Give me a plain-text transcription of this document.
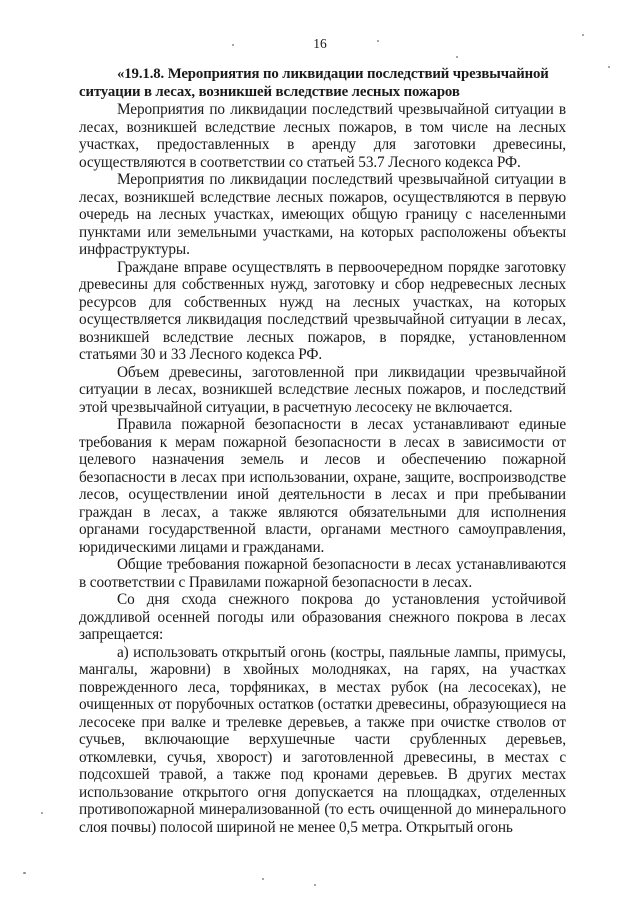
16

«19.1.8. Мероприятия по ликвидации последствий чрезвычайной ситуации в лесах, возникшей вследствие лесных пожаров

Мероприятия по ликвидации последствий чрезвычайной ситуации в лесах, возникшей вследствие лесных пожаров, в том числе на лесных участках, предоставленных в аренду для заготовки древесины, осуществляются в соответствии со статьей 53.7 Лесного кодекса РФ.

Мероприятия по ликвидации последствий чрезвычайной ситуации в лесах, возникшей вследствие лесных пожаров, осуществляются в первую очередь на лесных участках, имеющих общую границу с населенными пунктами или земельными участками, на которых расположены объекты инфраструктуры.

Граждане вправе осуществлять в первоочередном порядке заготовку древесины для собственных нужд, заготовку и сбор недревесных лесных ресурсов для собственных нужд на лесных участках, на которых осуществляется ликвидация последствий чрезвычайной ситуации в лесах, возникшей вследствие лесных пожаров, в порядке, установленном статьями 30 и 33 Лесного кодекса РФ.

Объем древесины, заготовленной при ликвидации чрезвычайной ситуации в лесах, возникшей вследствие лесных пожаров, и последствий этой чрезвычайной ситуации, в расчетную лесосеку не включается.

Правила пожарной безопасности в лесах устанавливают единые требования к мерам пожарной безопасности в лесах в зависимости от целевого назначения земель и лесов и обеспечению пожарной безопасности в лесах при использовании, охране, защите, воспроизводстве лесов, осуществлении иной деятельности в лесах и при пребывании граждан в лесах, а также являются обязательными для исполнения органами государственной власти, органами местного самоуправления, юридическими лицами и гражданами.

Общие требования пожарной безопасности в лесах устанавливаются в соответствии с Правилами пожарной безопасности в лесах.

Со дня схода снежного покрова до установления устойчивой дождливой осенней погоды или образования снежного покрова в лесах запрещается:

а) использовать открытый огонь (костры, паяльные лампы, примусы, мангалы, жаровни) в хвойных молодняках, на гарях, на участках поврежденного леса, торфяниках, в местах рубок (на лесосеках), не очищенных от порубочных остатков (остатки древесины, образующиеся на лесосеке при валке и трелевке деревьев, а также при очистке стволов от сучьев, включающие верхушечные части срубленных деревьев, откомлевки, сучья, хворост) и заготовленной древесины, в местах с подсохшей травой, а также под кронами деревьев. В других местах использование открытого огня допускается на площадках, отделенных противопожарной минерализованной (то есть очищенной до минерального слоя почвы) полосой шириной не менее 0,5 метра. Открытый огонь
